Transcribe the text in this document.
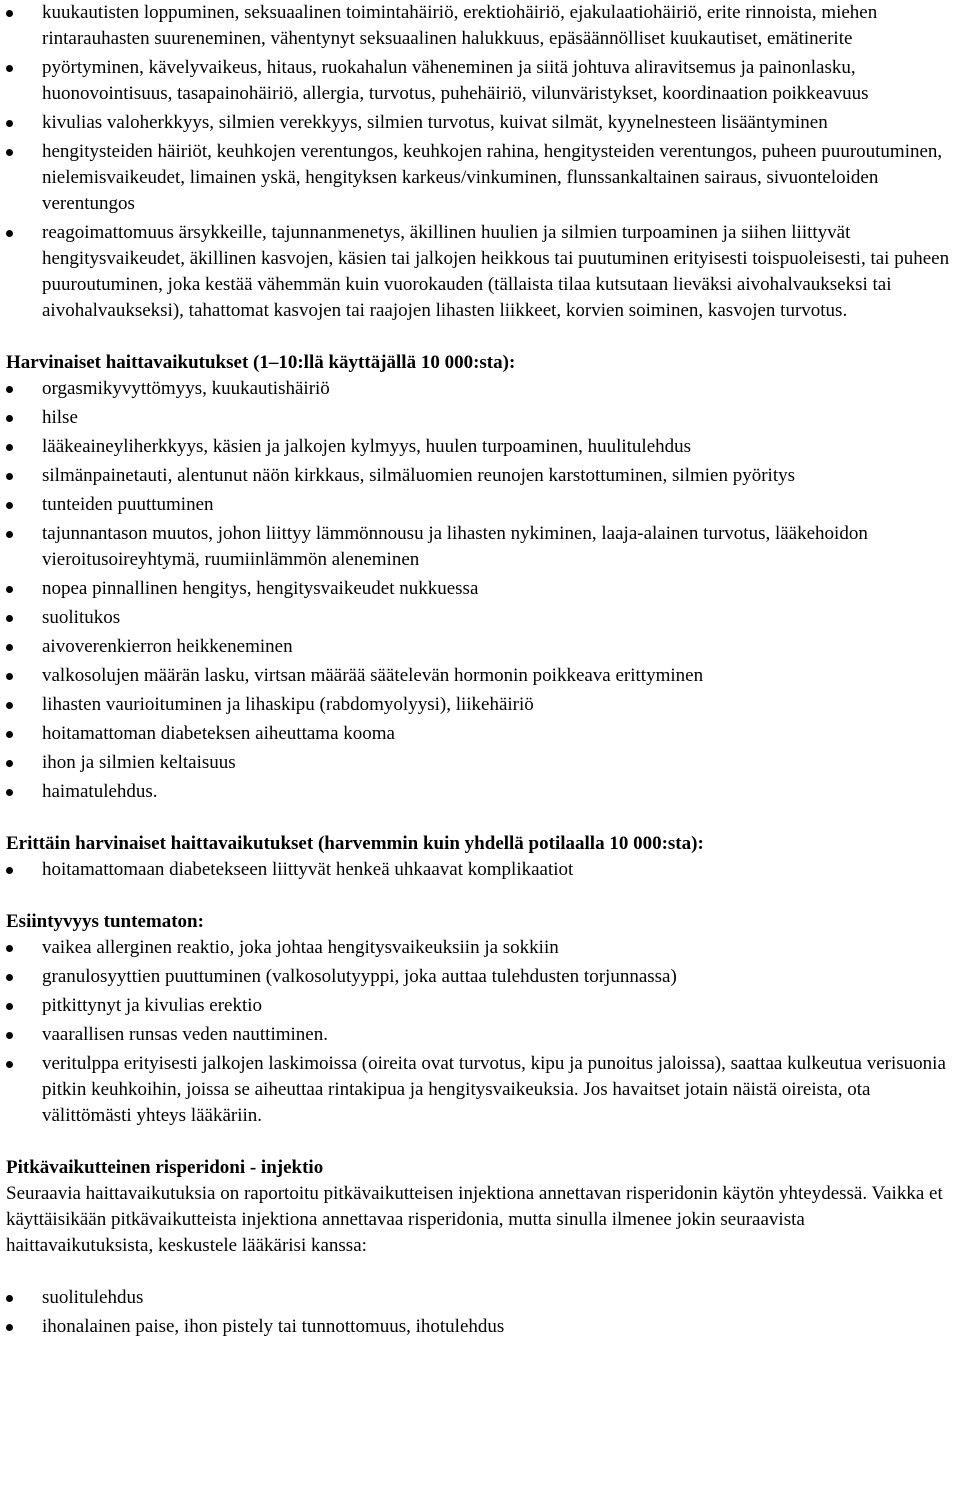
kuukautisten loppuminen, seksuaalinen toimintahäiriö, erektiohäiriö, ejakulaatiohäiriö, erite rinnoista, miehen rintarauhasten suureneminen, vähentynyt seksuaalinen halukkuus, epäsäännölliset kuukautiset, emätinerite
pyörtyminen, kävelyvaikeus, hitaus, ruokahalun väheneminen ja siitä johtuva aliravitsemus ja painonlasku, huonovointisuus, tasapainohäiriö, allergia, turvotus, puhehäiriö, vilunväristykset, koordinaation poikkeavuus
kivulias valoherkkyys, silmien verekkyys, silmien turvotus, kuivat silmät, kyynelnesteen lisääntyminen
hengitysteiden häiriöt, keuhkojen verentungos, keuhkojen rahina, hengitysteiden verentungos, puheen puuroutuminen, nielemisvaikeudet, limainen yskä, hengityksen karkeus/vinkuminen, flunssankaltainen sairaus, sivuonteloiden verentungos
reagoimattomuus ärsykkeille, tajunnanmenetys, äkillinen huulien ja silmien turpoaminen ja siihen liittyvät hengitysvaikeudet, äkillinen kasvojen, käsien tai jalkojen heikkous tai puutuminen erityisesti toispuoleisesti, tai puheen puuroutuminen, joka kestää vähemmän kuin vuorokauden (tällaista tilaa kutsutaan lieväksi aivohalvaukseksi tai aivohalvaukseksi), tahattomat kasvojen tai raajojen lihasten liikkeet, korvien soiminen, kasvojen turvotus.
Harvinaiset haittavaikutukset (1–10:llä käyttäjällä 10 000:sta):
orgasmikyvyttömyys, kuukautishäiriö
hilse
lääkeaineyliherkkyys, käsien ja jalkojen kylmyys, huulen turpoaminen, huulitulehdus
silmänpainetauti, alentunut näön kirkkaus, silmäluomien reunojen karstottuminen, silmien pyöritys
tunteiden puuttuminen
tajunnantason muutos, johon liittyy lämmönnousu ja lihasten nykiminen, laaja-alainen turvotus, lääkehoidon vieroitusoireyhtymä, ruumiinlämmön aleneminen
nopea pinnallinen hengitys, hengitysvaikeudet nukkuessa
suolitukos
aivoverenkierron heikkeneminen
valkosolujen määrän lasku, virtsan määrää säätelevän hormonin poikkeava erittyminen
lihasten vaurioituminen ja lihaskipu (rabdomyolyysi), liikehäiriö
hoitamattoman diabeteksen aiheuttama kooma
ihon ja silmien keltaisuus
haimatulehdus.
Erittäin harvinaiset haittavaikutukset (harvemmin kuin yhdellä potilaalla 10 000:sta):
hoitamattomaan diabetekseen liittyvät henkeä uhkaavat komplikaatiot
Esiintyvyys tuntematon:
vaikea allerginen reaktio, joka johtaa hengitysvaikeuksiin ja sokkiin
granulosyyttien puuttuminen (valkosolutyyppi, joka auttaa tulehdusten torjunnassa)
pitkittynyt ja kivulias erektio
vaarallisen runsas veden nauttiminen.
veritulppa erityisesti jalkojen laskimoissa (oireita ovat turvotus, kipu ja punoitus jaloissa), saattaa kulkeutua verisuonia pitkin keuhkoihin, joissa se aiheuttaa rintakipua ja hengitysvaikeuksia. Jos havaitset jotain näistä oireista, ota välittömästi yhteys lääkäriin.
Pitkävaikutteinen risperidoni - injektio

Seuraavia haittavaikutuksia on raportoitu pitkävaikutteisen injektiona annettavan risperidonin käytön yhteydessä. Vaikka et käyttäisikään pitkävaikutteista injektiona annettavaa risperidonia, mutta sinulla ilmenee jokin seuraavista haittavaikutuksista, keskustele lääkärisi kanssa:

suolitulehdus
ihonalainen paise, ihon pistely tai tunnottomuus, ihotulehdus
